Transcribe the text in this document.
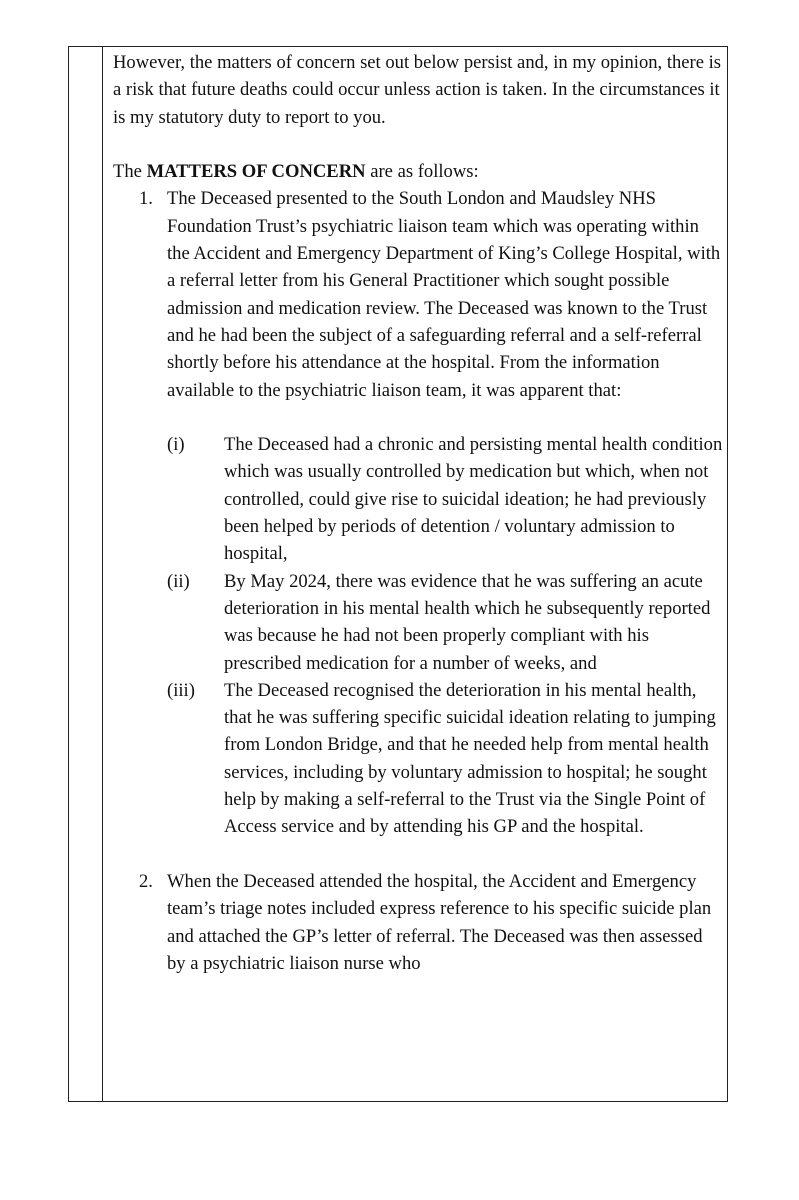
However, the matters of concern set out below persist and, in my opinion, there is a risk that future deaths could occur unless action is taken. In the circumstances it is my statutory duty to report to you.

The MATTERS OF CONCERN are as follows:

1. The Deceased presented to the South London and Maudsley NHS Foundation Trust’s psychiatric liaison team which was operating within the Accident and Emergency Department of King’s College Hospital, with a referral letter from his General Practitioner which sought possible admission and medication review. The Deceased was known to the Trust and he had been the subject of a safeguarding referral and a self-referral shortly before his attendance at the hospital. From the information available to the psychiatric liaison team, it was apparent that:
(i) The Deceased had a chronic and persisting mental health condition which was usually controlled by medication but which, when not controlled, could give rise to suicidal ideation; he had previously been helped by periods of detention / voluntary admission to hospital,
(ii) By May 2024, there was evidence that he was suffering an acute deterioration in his mental health which he subsequently reported was because he had not been properly compliant with his prescribed medication for a number of weeks, and
(iii) The Deceased recognised the deterioration in his mental health, that he was suffering specific suicidal ideation relating to jumping from London Bridge, and that he needed help from mental health services, including by voluntary admission to hospital; he sought help by making a self-referral to the Trust via the Single Point of Access service and by attending his GP and the hospital.
2. When the Deceased attended the hospital, the Accident and Emergency team’s triage notes included express reference to his specific suicide plan and attached the GP’s letter of referral. The Deceased was then assessed by a psychiatric liaison nurse who
